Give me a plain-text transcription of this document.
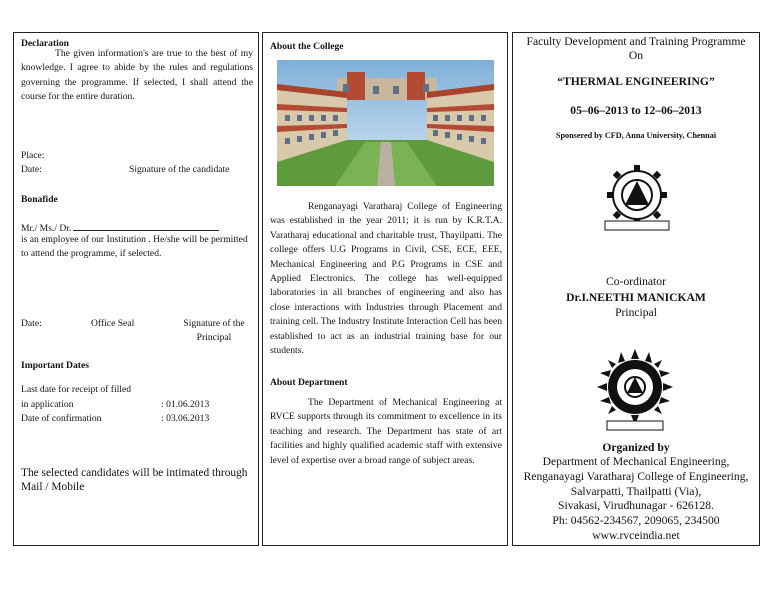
Declaration
The given information's are true to the best of my knowledge. I agree to abide by the rules and regulations governing the programme. If selected, I shall attend the course for the entire duration.
Place:
Date:	Signature of the candidate
Bonafide
Mr./ Ms./ Dr.
is an employee of our Institution . He/she will be permitted to attend the programme, if selected.
Date:	Office Seal	Signature of the Principal
Important Dates
Last date for receipt of filled
in application	: 01.06.2013
Date of confirmation	: 03.06.2013
The selected candidates will be intimated through Mail / Mobile
About the College
Renganayagi Varatharaj College of Engineering was established in the year 2011; it is run by K.R.T.A. Varatharaj educational and charitable trust, Thayilpatti. The college offers U.G Programs in Civil, CSE, ECE, EEE, Mechanical Engineering and P.G Programs in CSE and Applied Electronics. The college has well-equipped laboratories in all branches of engineering and also has close interactions with Industries through Placement and training cell. The Industry Institute Interaction Cell has been established to act as an industrial training base for our students.
About Department
The Department of Mechanical Engineering at RVCE supports through its commitment to excellence in its teaching and research. The Department has state of art facilities and highly qualified academic staff with extensive level of expertise over a broad range of subject areas.
Faculty Development and Training Programme
On
“THERMAL ENGINEERING”
05–06–2013 to 12–06–2013
Sponsered by CFD, Anna University, Chennai
Co-ordinator
Dr.I.NEETHI MANICKAM
Principal
Organized by
Department of Mechanical Engineering,
Renganayagi Varatharaj College of Engineering,
Salvarpatti, Thailpatti (Via),
Sivakasi, Virudhunagar - 626128.
Ph: 04562-234567, 209065, 234500
www.rvceindia.net
